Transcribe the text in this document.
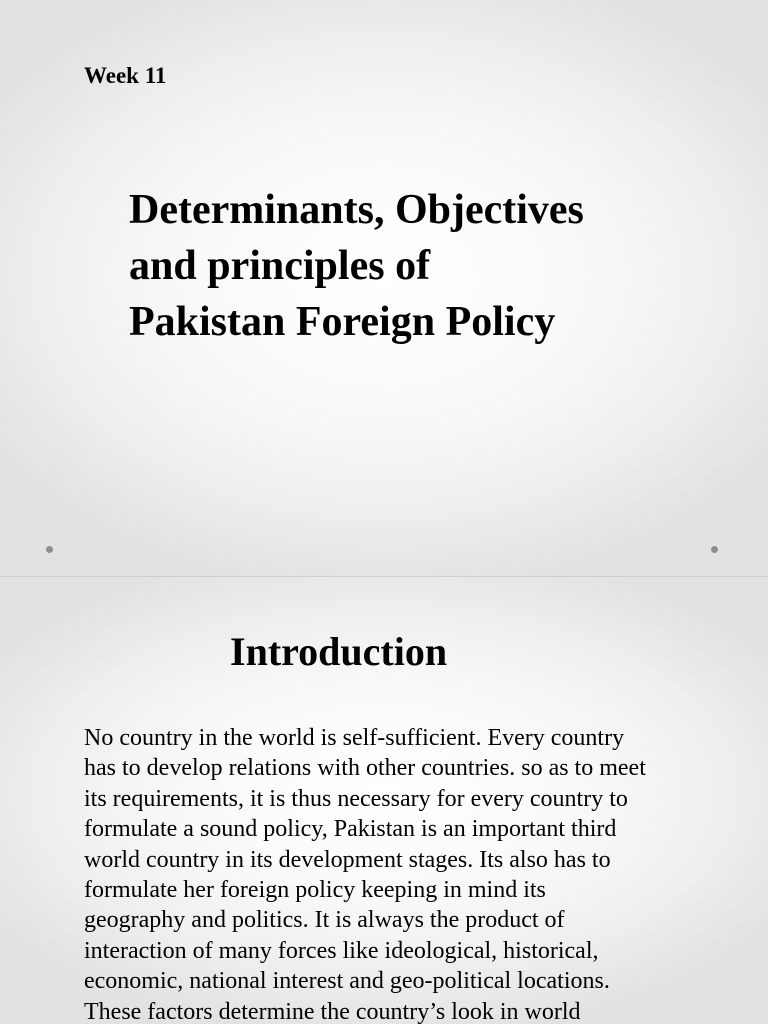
Week 11
Determinants, Objectives
and principles of
Pakistan Foreign Policy
Introduction
No country in the world is self-sufficient. Every country
has to develop relations with other countries. so as to meet
its requirements, it is thus necessary for every country to
formulate a sound policy, Pakistan is an important third
world country in its development stages. Its also has to
formulate her foreign policy keeping in mind its
geography and politics. It is always the product of
interaction of many forces like ideological, historical,
economic, national interest and geo-political locations.
These factors determine the country’s look in world
